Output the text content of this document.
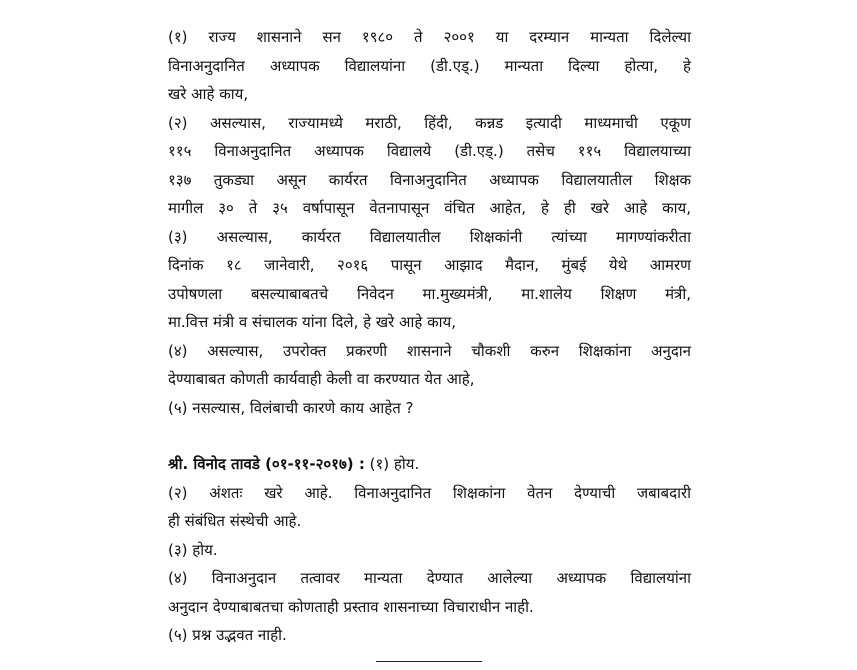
(१) राज्य शासनाने सन १९८० ते २००१ या दरम्यान मान्यता दिलेल्या
विनाअनुदानित अध्यापक विद्यालयांना (डी.एड्.) मान्यता दिल्या होत्या, हे
खरे आहे काय,
(२) असल्यास, राज्यामध्ये मराठी, हिंदी, कन्नड इत्यादी माध्यमाची एकूण
११५ विनाअनुदानित अध्यापक विद्यालये (डी.एड्.) तसेच ११५ विद्यालयाच्या
१३७ तुकड्या असून कार्यरत विनाअनुदानित अध्यापक विद्यालयातील शिक्षक
मागील ३० ते ३५ वर्षापासून वेतनापासून वंचित आहेत, हे ही खरे आहे काय,
(३) असल्यास, कार्यरत विद्यालयातील शिक्षकांनी त्यांच्या मागण्यांकरीता
दिनांक १८ जानेवारी, २०१६ पासून आझाद मैदान, मुंबई येथे आमरण
उपोषणला बसल्याबाबतचे निवेदन मा.मुख्यमंत्री, मा.शालेय शिक्षण मंत्री,
मा.वित्त मंत्री व संचालक यांना दिले, हे खरे आहे काय,
(४) असल्यास, उपरोक्त प्रकरणी शासनाने चौकशी करुन शिक्षकांना अनुदान
देण्याबाबत कोणती कार्यवाही केली वा करण्यात येत आहे,
(५) नसल्यास, विलंबाची कारणे काय आहेत ?
श्री. विनोद तावडे (०१-११-२०१७) : (१) होय.
(२) अंशतः खरे आहे. विनाअनुदानित शिक्षकांना वेतन देण्याची जबाबदारी
ही संबंधित संस्थेची आहे.
(३) होय.
(४) विनाअनुदान तत्वावर मान्यता देण्यात आलेल्या अध्यापक विद्यालयांना
अनुदान देण्याबाबतचा कोणताही प्रस्ताव शासनाच्या विचाराधीन नाही.
(५) प्रश्न उद्भवत नाही.
